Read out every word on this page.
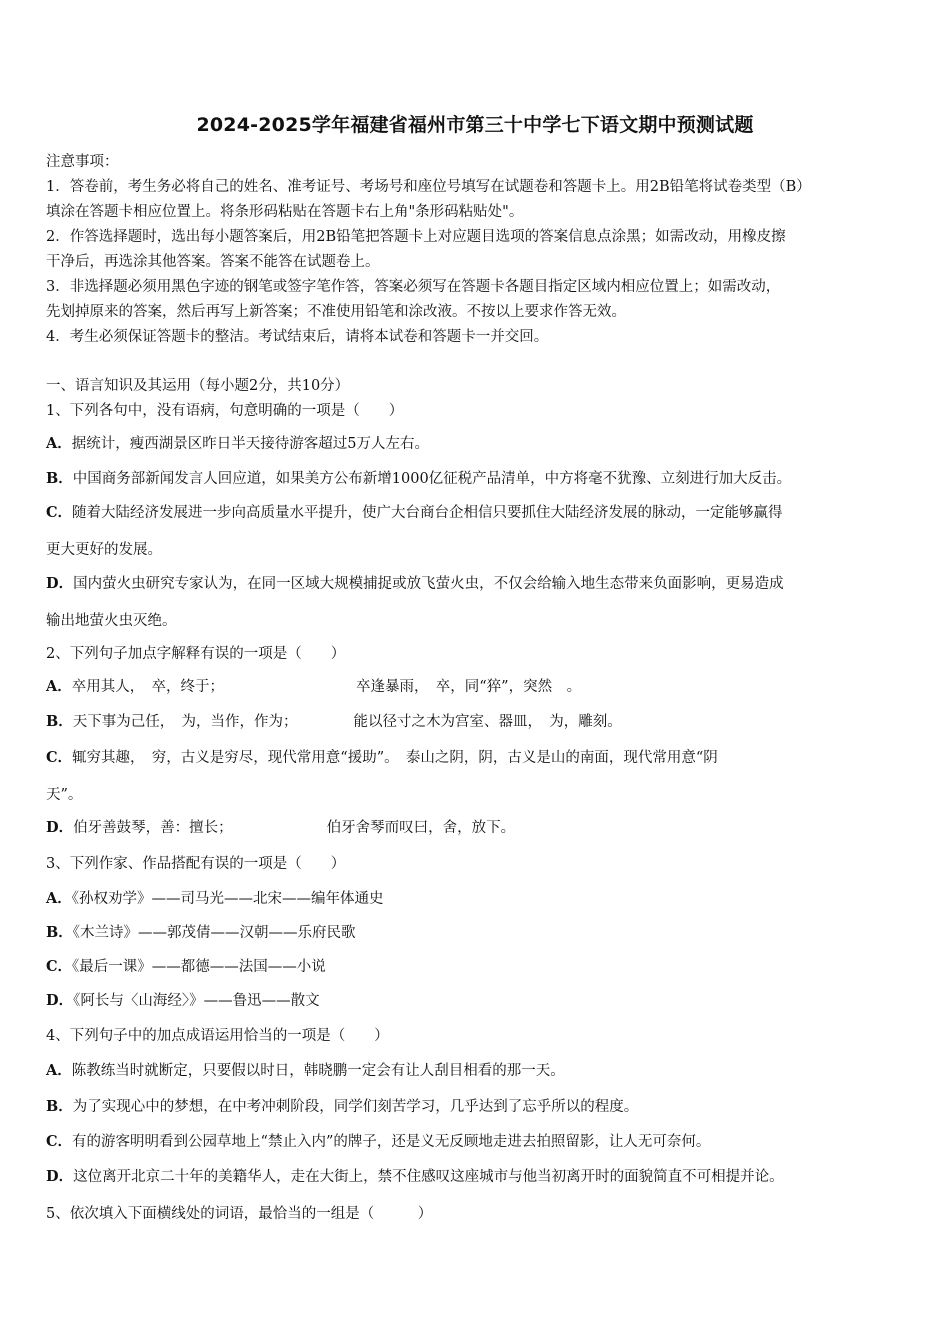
2024-2025学年福建省福州市第三十中学七下语文期中预测试题
注意事项：
1．答卷前，考生务必将自己的姓名、准考证号、考场号和座位号填写在试题卷和答题卡上。用2B铅笔将试卷类型（B）
填涂在答题卡相应位置上。将条形码粘贴在答题卡右上角"条形码粘贴处"。
2．作答选择题时，选出每小题答案后，用2B铅笔把答题卡上对应题目选项的答案信息点涂黑；如需改动，用橡皮擦
干净后，再选涂其他答案。答案不能答在试题卷上。
3．非选择题必须用黑色字迹的钢笔或签字笔作答，答案必须写在答题卡各题目指定区域内相应位置上；如需改动，
先划掉原来的答案，然后再写上新答案；不准使用铅笔和涂改液。不按以上要求作答无效。
4．考生必须保证答题卡的整洁。考试结束后，请将本试卷和答题卡一并交回。
一、语言知识及其运用（每小题2分，共10分）
1、下列各句中，没有语病，句意明确的一项是（　　）
A．据统计，瘦西湖景区昨日半天接待游客超过5万人左右。
B．中国商务部新闻发言人回应道，如果美方公布新增1000亿征税产品清单，中方将毫不犹豫、立刻进行加大反击。
C．随着大陆经济发展进一步向高质量水平提升，使广大台商台企相信只要抓住大陆经济发展的脉动，一定能够赢得
更大更好的发展。
D．国内萤火虫研究专家认为，在同一区域大规模捕捉或放飞萤火虫，不仅会给输入地生态带来负面影响，更易造成
输出地萤火虫灭绝。
2、下列句子加点字解释有误的一项是（　　）
A．卒用其人，　卒，终于；	卒逢暴雨，　卒，同“猝”，突然　。
B．天下事为己任，　为，当作，作为；	能以径寸之木为宫室、器皿，　为，雕刻。
C．辄穷其趣，　穷，古义是穷尽，现代常用意“援助”。　泰山之阴，阴，古义是山的南面，现代常用意“阴
天”。
D．伯牙善鼓琴，善：擅长；	伯牙舍琴而叹曰，舍，放下。
3、下列作家、作品搭配有误的一项是（　　）
A．《孙权劝学》——司马光——北宋——编年体通史
B．《木兰诗》——郭茂倩——汉朝——乐府民歌
C．《最后一课》——都德——法国——小说
D．《阿长与〈山海经〉》——鲁迅——散文
4、下列句子中的加点成语运用恰当的一项是（　　）
A．陈教练当时就断定，只要假以时日，韩晓鹏一定会有让人刮目相看的那一天。
B．为了实现心中的梦想，在中考冲刺阶段，同学们刻苦学习，几乎达到了忘乎所以的程度。
C．有的游客明明看到公园草地上“禁止入内”的牌子，还是义无反顾地走进去拍照留影，让人无可奈何。
D．这位离开北京二十年的美籍华人，走在大街上，禁不住感叹这座城市与他当初离开时的面貌简直不可相提并论。
5、依次填入下面横线处的词语，最恰当的一组是（　　　）
